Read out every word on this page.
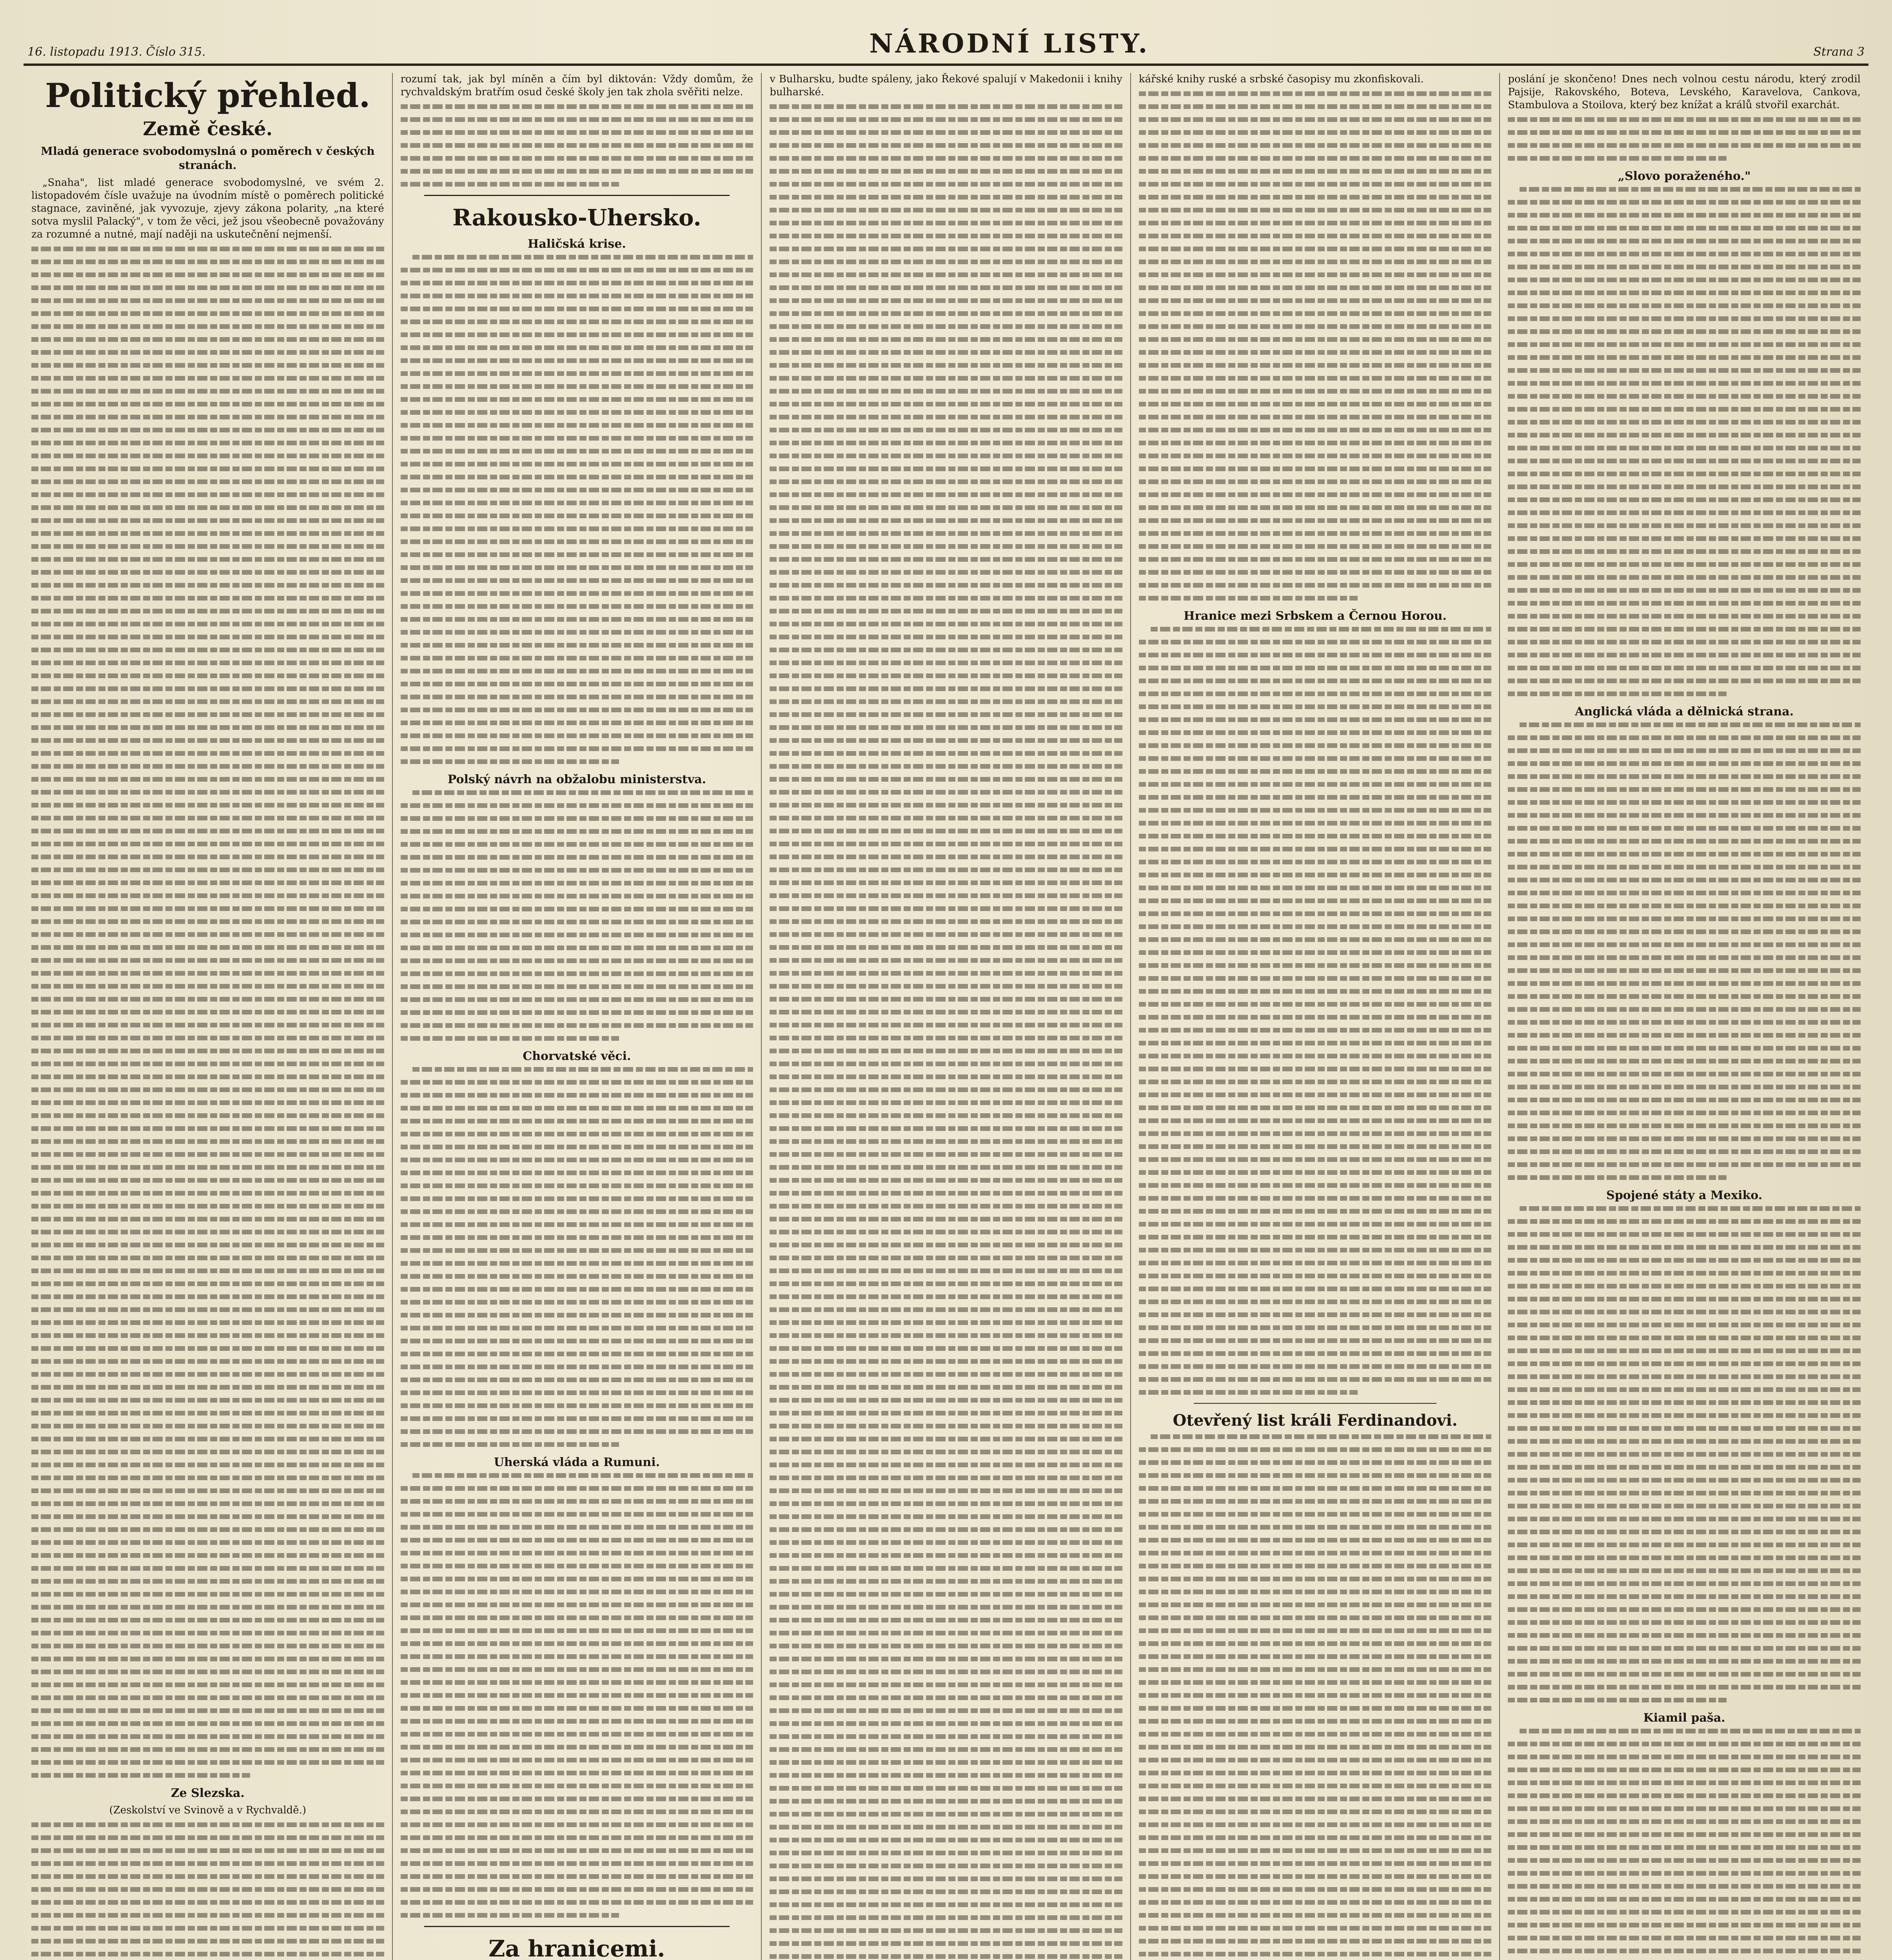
16. listopadu 1913. Číslo 315.	NÁRODNÍ LISTY.	Strana 3
Politický přehled.
Země české.

Mladá generace svobodomyslná o poměrech v českých stranách.

„Snaha", list mladé generace svobodomyslné, ve svém 2. listopadovém čísle uvažuje na úvodním místě o poměrech politické stagnace, zaviněné, jak vyvozuje, zjevy zákona polarity, „na které sotva myslil Palacký", v tom že věci, jež jsou všeobecně považovány za rozumné a nutné, mají naději na uskutečnění nejmenší.

Ze Slezska.

(Zeskolství ve Svinově a v Rychvaldě.)

rozumí tak, jak byl míněn a čím byl diktován: Vždy domům, že rychvaldským bratřím osud české školy jen tak zhola svěřiti nelze.

Rakousko-Uhersko.
Haličská krise.
Polský návrh na obžalobu ministerstva.
Chorvatské věci.
Uherská vláda a Rumuni.
Za hranicemi.

v Bulharsku, budte spáleny, jako Řekové spalují v Makedonii i knihy bulharské.

kářské knihy ruské a srbské časopisy mu zkonfiskovali.

Hranice mezi Srbskem a Černou Horou.
Otevřený list králi Ferdinandovi.

poslání je skončeno! Dnes nech volnou cestu národu, který zrodil Pajsije, Rakovského, Boteva, Levského, Karavelova, Cankova, Stambulova a Stoilova, který bez knížat a králů stvořil exarchát.

„Slovo poraženého."
Anglická vláda a dělnická strana.
Spojené státy a Mexiko.
Kiamil paša.
